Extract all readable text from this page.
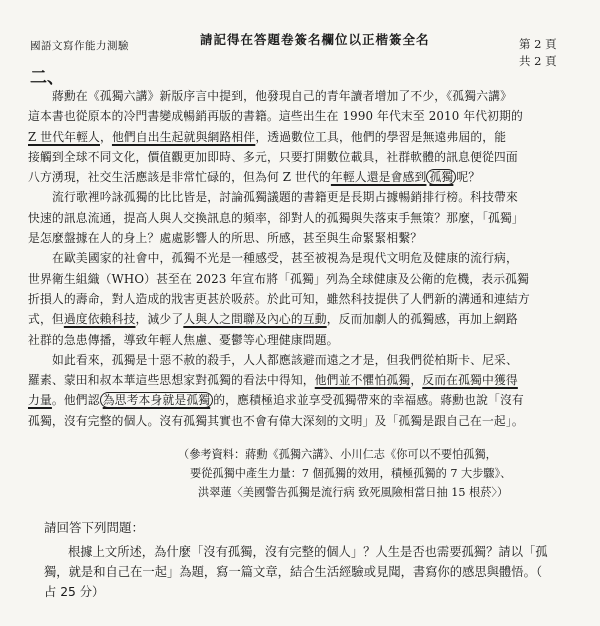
國語文寫作能力測驗	請記得在答題卷簽名欄位以正楷簽全名	第 2 頁
共 2 頁
二、
蔣勳在《孤獨六講》新版序言中提到，他發現自己的青年讀者增加了不少，《孤獨六講》
這本書也從原本的冷門書變成暢銷再版的書籍。這些出生在 1990 年代末至 2010 年代初期的
Z 世代年輕人，他們自出生起就與網路相伴，透過數位工具，他們的學習是無遠弗屆的，能
接觸到全球不同文化，價值觀更加即時、多元，只要打開數位載具，社群軟體的訊息便從四面
八方湧現，社交生活應該是非常忙碌的，但為何 Z 世代的年輕人還是會感到 孤獨 呢？
流行歌裡吟詠孤獨的比比皆是，討論孤獨議題的書籍更是長期占據暢銷排行榜。科技帶來
快速的訊息流通，提高人與人交換訊息的頻率，卻對人的孤獨與失落束手無策？那麼，「孤獨」
是怎麼盤據在人的身上？處處影響人的所思、所感，甚至與生命緊緊相繫？
在歐美國家的社會中，孤獨不光是一種感受，甚至被視為是現代文明危及健康的流行病，
世界衛生組織（WHO）甚至在 2023 年宣布將「孤獨」列為全球健康及公衛的危機，表示孤獨
折損人的壽命，對人造成的戕害更甚於吸菸。於此可知，雖然科技提供了人們新的溝通和連結方
式，但過度依賴科技，減少了人與人之間聯及內心的互動，反而加劇人的孤獨感，再加上網路
社群的急患傳播，導致年輕人焦慮、憂鬱等心理健康問題。
如此看來，孤獨是十惡不赦的殺手，人人都應該避而遠之才是，但我們從柏斯卡、尼采、
羅素、蒙田和叔本華這些思想家對孤獨的看法中得知，他們並不懼怕孤獨，反而在孤獨中獲得
力量。他們認 為思考本身就是孤獨 的，應積極追求並享受孤獨帶來的幸福感。蔣勳也說「沒有
孤獨，沒有完整的個人。沒有孤獨其實也不會有偉大深刻的文明」及「孤獨是跟自己在一起」。
（參考資料：蔣勳《孤獨六講》、小川仁志《你可以不要怕孤獨，
要從孤獨中產生力量：7 個孤獨的效用，積極孤獨的 7 大步驟》、
洪翠蓮〈美國警告孤獨是流行病 致死風險相當日抽 15 根菸〉）
請回答下列問題：
根據上文所述，為什麼「沒有孤獨，沒有完整的個人」？人生是否也需要孤獨？請以「孤
獨，就是和自己在一起」為題，寫一篇文章，結合生活經驗或見聞，書寫你的感思與體悟。（
占 25 分）
